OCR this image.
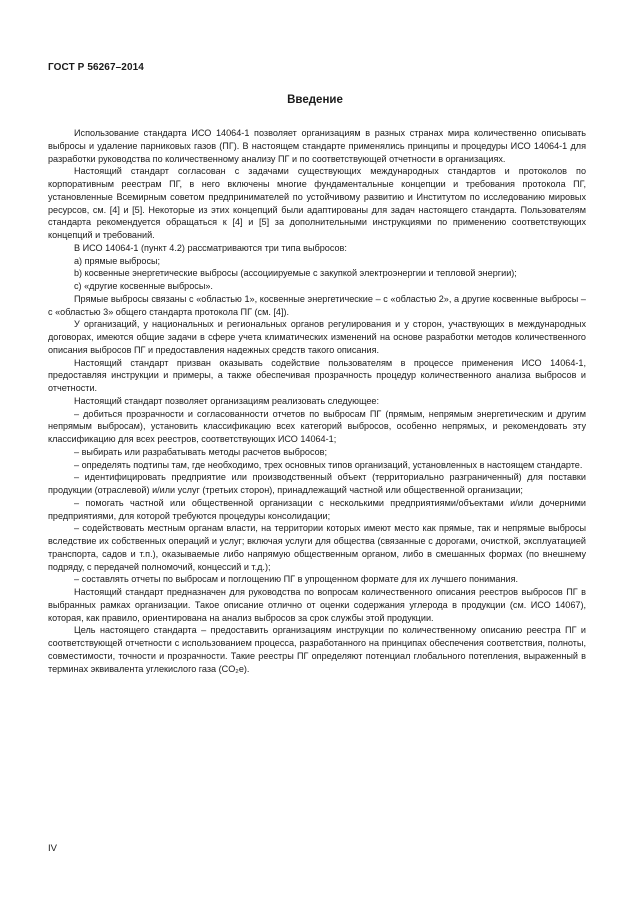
ГОСТ Р 56267–2014
Введение

Использование стандарта ИСО 14064-1 позволяет организациям в разных странах мира количественно описывать выбросы и удаление парниковых газов (ПГ). В настоящем стандарте применялись принципы и процедуры ИСО 14064-1 для разработки руководства по количественному анализу ПГ и по соответствующей отчетности в организациях.

Настоящий стандарт согласован с задачами существующих международных стандартов и протоколов по корпоративным реестрам ПГ, в него включены многие фундаментальные концепции и требования протокола ПГ, установленные Всемирным советом предпринимателей по устойчивому развитию и Институтом по исследованию мировых ресурсов, см. [4] и [5]. Некоторые из этих концепций были адаптированы для задач настоящего стандарта. Пользователям стандарта рекомендуется обращаться к [4] и [5] за дополнительными инструкциями по применению соответствующих концепций и требований.

В ИСО 14064-1 (пункт 4.2) рассматриваются три типа выбросов:

a) прямые выбросы;

b) косвенные энергетические выбросы (ассоциируемые с закупкой электроэнергии и тепловой энергии);

c) «другие косвенные выбросы».

Прямые выбросы связаны с «областью 1», косвенные энергетические – с «областью 2», а другие косвенные выбросы – с «областью 3» общего стандарта протокола ПГ (см. [4]).

У организаций, у национальных и региональных органов регулирования и у сторон, участвующих в международных договорах, имеются общие задачи в сфере учета климатических изменений на основе разработки методов количественного описания выбросов ПГ и предоставления надежных средств такого описания.

Настоящий стандарт призван оказывать содействие пользователям в процессе применения ИСО 14064-1, предоставляя инструкции и примеры, а также обеспечивая прозрачность процедур количественного анализа выбросов и отчетности.

Настоящий стандарт позволяет организациям реализовать следующее:

– добиться прозрачности и согласованности отчетов по выбросам ПГ (прямым, непрямым энергетическим и другим непрямым выбросам), установить классификацию всех категорий выбросов, особенно непрямых, и рекомендовать эту классификацию для всех реестров, соответствующих ИСО 14064-1;

– выбирать или разрабатывать методы расчетов выбросов;

– определять подтипы там, где необходимо, трех основных типов организаций, установленных в настоящем стандарте.

– идентифицировать предприятие или производственный объект (территориально разграниченный) для поставки продукции (отраслевой) и/или услуг (третьих сторон), принадлежащий частной или общественной организации;

– помогать частной или общественной организации с несколькими предприятиями/объектами и/или дочерними предприятиями, для которой требуются процедуры консолидации;

– содействовать местным органам власти, на территории которых имеют место как прямые, так и непрямые выбросы вследствие их собственных операций и услуг; включая услуги для общества (связанные с дорогами, очисткой, эксплуатацией транспорта, садов и т.п.), оказываемые либо напрямую общественным органом, либо в смешанных формах (по внешнему подряду, с передачей полномочий, концессий и т.д.);

– составлять отчеты по выбросам и поглощению ПГ в упрощенном формате для их лучшего понимания.

Настоящий стандарт предназначен для руководства по вопросам количественного описания реестров выбросов ПГ в выбранных рамках организации. Такое описание отлично от оценки содержания углерода в продукции (см. ИСО 14067), которая, как правило, ориентирована на анализ выбросов за срок службы этой продукции.

Цель настоящего стандарта – предоставить организациям инструкции по количественному описанию реестра ПГ и соответствующей отчетности с использованием процесса, разработанного на принципах обеспечения соответствия, полноты, совместимости, точности и прозрачности. Такие реестры ПГ определяют потенциал глобального потепления, выраженный в терминах эквивалента углекислого газа (CO₂e).

IV
